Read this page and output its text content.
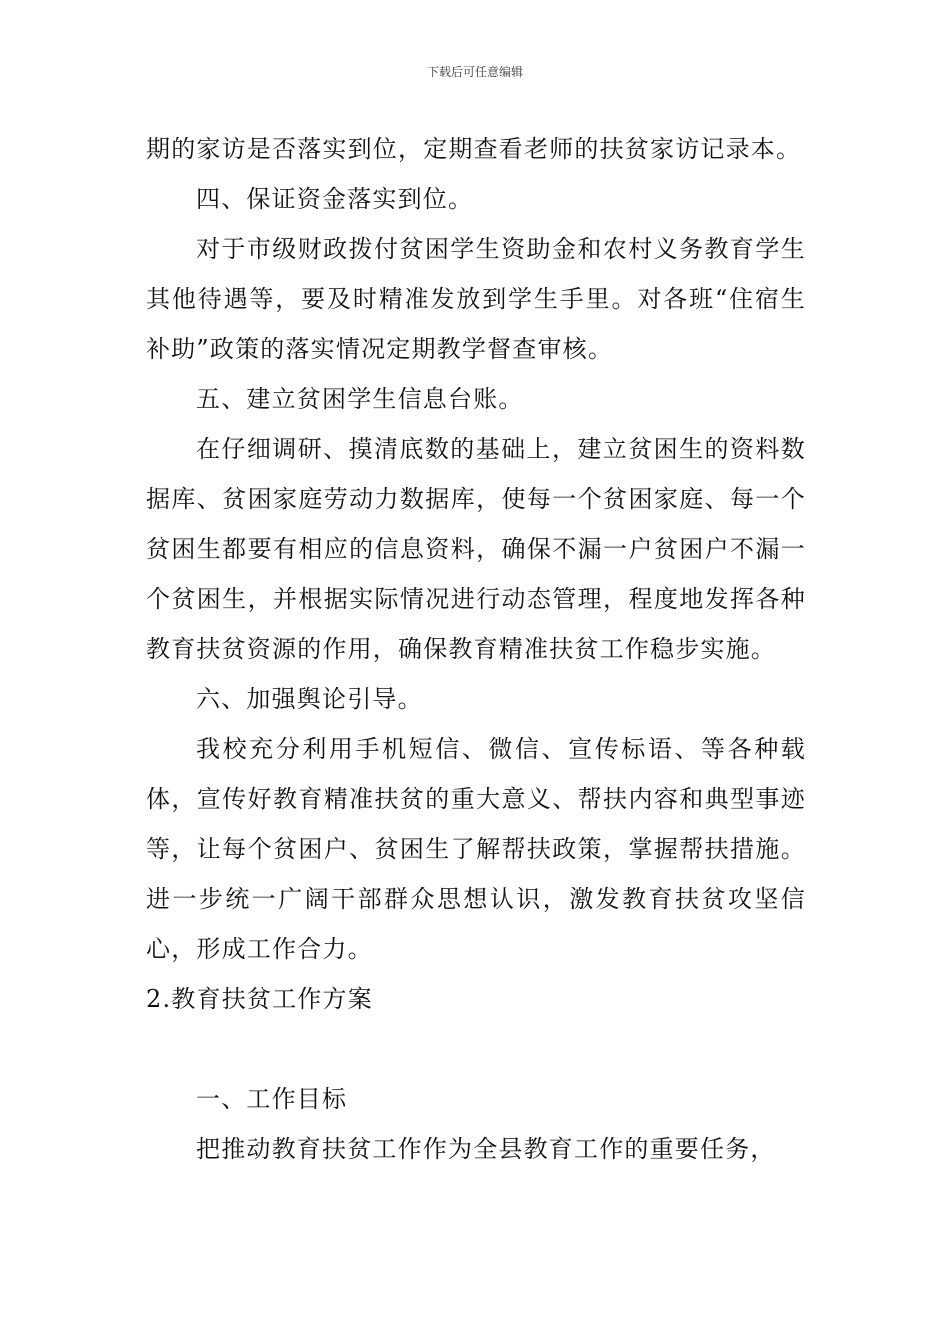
下载后可任意编辑

期的家访是否落实到位，定期查看老师的扶贫家访记录本。

四、保证资金落实到位。

对于市级财政拨付贫困学生资助金和农村义务教育学生其他待遇等，要及时精准发放到学生手里。对各班“住宿生补助”政策的落实情况定期教学督查审核。

五、建立贫困学生信息台账。

在仔细调研、摸清底数的基础上，建立贫困生的资料数据库、贫困家庭劳动力数据库，使每一个贫困家庭、每一个贫困生都要有相应的信息资料，确保不漏一户贫困户不漏一个贫困生，并根据实际情况进行动态管理，程度地发挥各种教育扶贫资源的作用，确保教育精准扶贫工作稳步实施。

六、加强舆论引导。

我校充分利用手机短信、微信、宣传标语、等各种载体，宣传好教育精准扶贫的重大意义、帮扶内容和典型事迹等，让每个贫困户、贫困生了解帮扶政策，掌握帮扶措施。进一步统一广阔干部群众思想认识，激发教育扶贫攻坚信心，形成工作合力。

2.教育扶贫工作方案

一、工作目标

把推动教育扶贫工作作为全县教育工作的重要任务，
